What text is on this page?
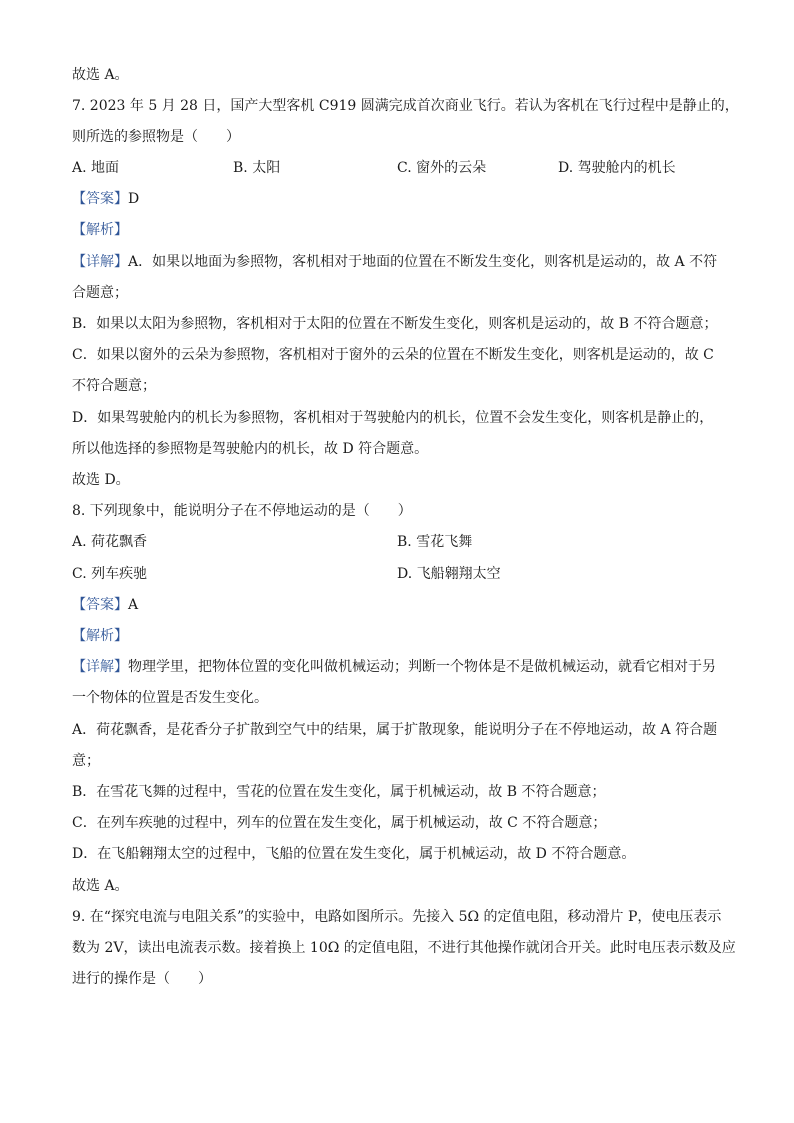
故选 A。
7. 2023 年 5 月 28 日，国产大型客机 C919 圆满完成首次商业飞行。若认为客机在飞行过程中是静止的，
则所选的参照物是（　　）
A. 地面	B. 太阳	C. 窗外的云朵	D. 驾驶舱内的机长
【答案】D
【解析】
【详解】A．如果以地面为参照物，客机相对于地面的位置在不断发生变化，则客机是运动的，故 A 不符
合题意；
B．如果以太阳为参照物，客机相对于太阳的位置在不断发生变化，则客机是运动的，故 B 不符合题意；
C．如果以窗外的云朵为参照物，客机相对于窗外的云朵的位置在不断发生变化，则客机是运动的，故 C
不符合题意；
D．如果驾驶舱内的机长为参照物，客机相对于驾驶舱内的机长，位置不会发生变化，则客机是静止的，
所以他选择的参照物是驾驶舱内的机长，故 D 符合题意。
故选 D。
8. 下列现象中，能说明分子在不停地运动的是（　　）
A. 荷花飘香	B. 雪花飞舞
C. 列车疾驰	D. 飞船翱翔太空
【答案】A
【解析】
【详解】物理学里，把物体位置的变化叫做机械运动；判断一个物体是不是做机械运动，就看它相对于另
一个物体的位置是否发生变化。
A．荷花飘香，是花香分子扩散到空气中的结果，属于扩散现象，能说明分子在不停地运动，故 A 符合题
意；
B．在雪花飞舞的过程中，雪花的位置在发生变化，属于机械运动，故 B 不符合题意；
C．在列车疾驰的过程中，列车的位置在发生变化，属于机械运动，故 C 不符合题意；
D．在飞船翱翔太空的过程中，飞船的位置在发生变化，属于机械运动，故 D 不符合题意。
故选 A。
9. 在“探究电流与电阻关系”的实验中，电路如图所示。先接入 5Ω 的定值电阻，移动滑片 P，使电压表示
数为 2V，读出电流表示数。接着换上 10Ω 的定值电阻，不进行其他操作就闭合开关。此时电压表示数及应
进行的操作是（　　）
